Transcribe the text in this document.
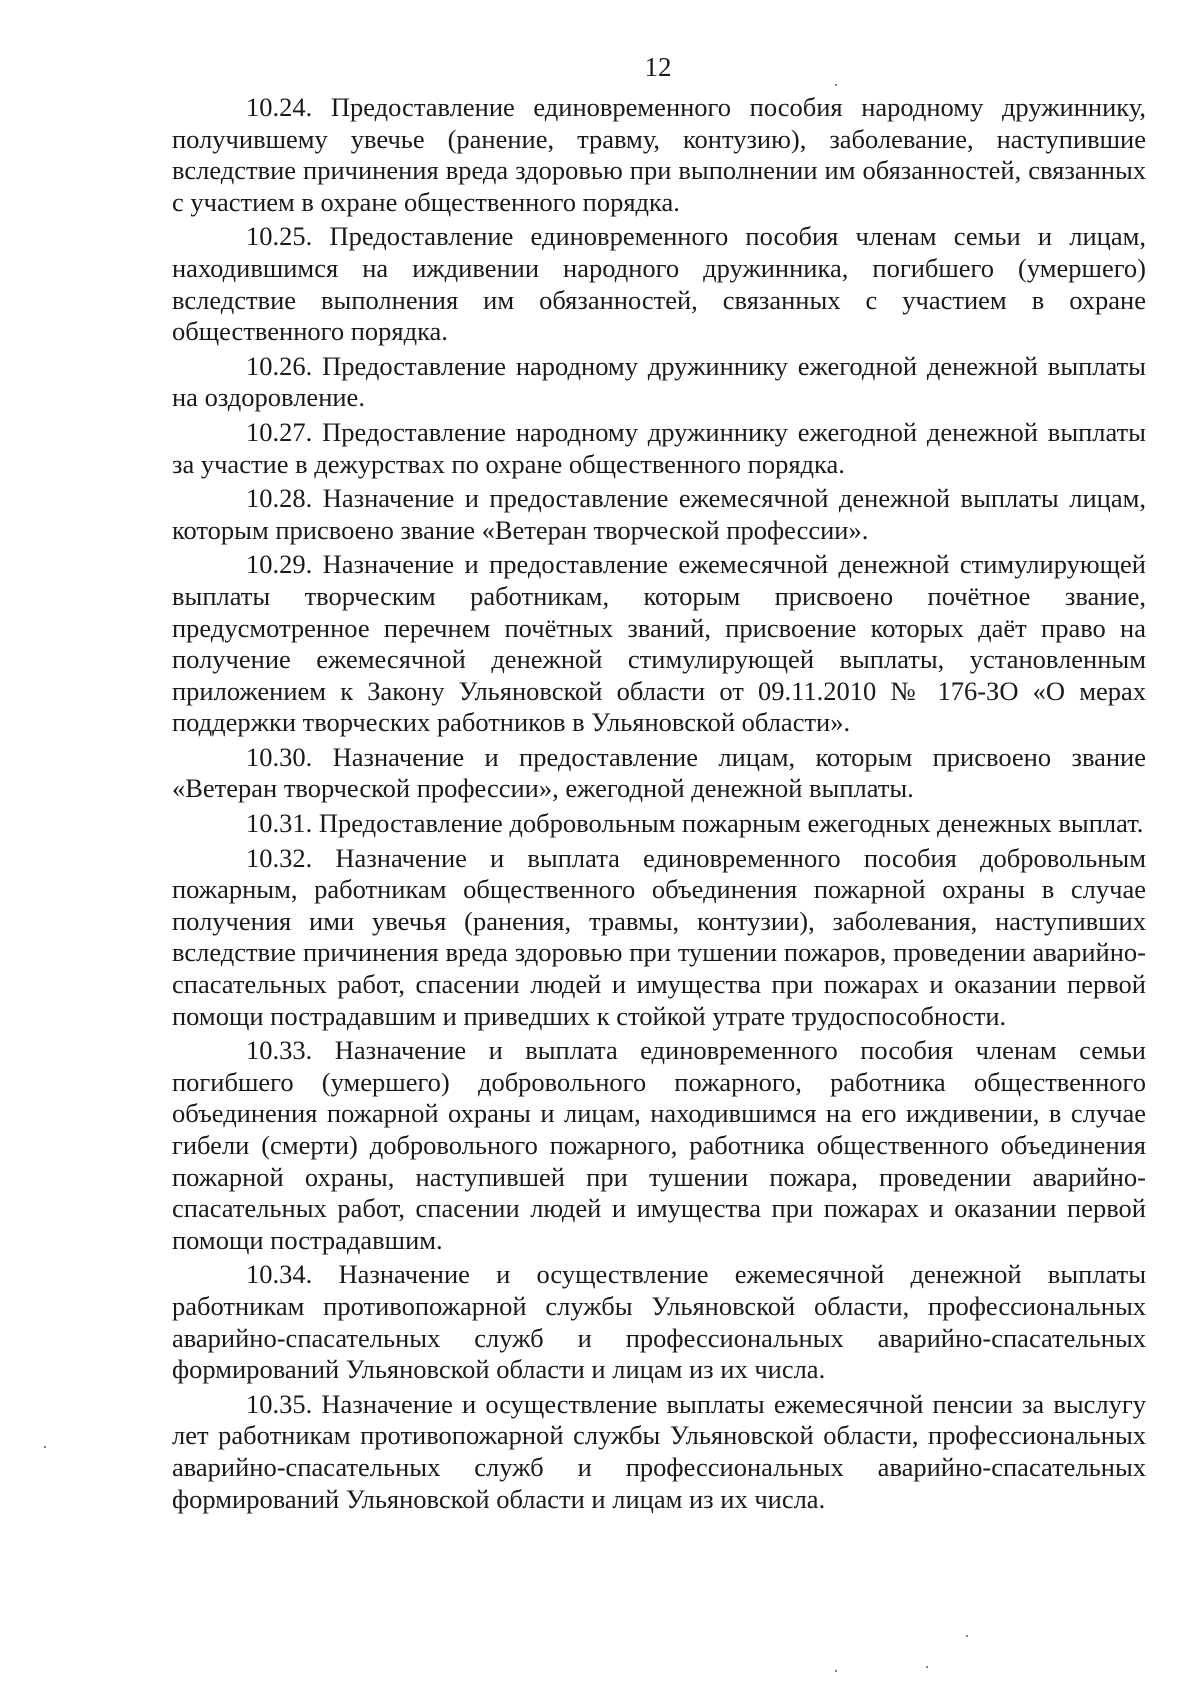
12

10.24. Предоставление единовременного пособия народному дружиннику, получившему увечье (ранение, травму, контузию), заболевание, наступившие вследствие причинения вреда здоровью при выполнении им обязанностей, связанных с участием в охране общественного порядка.

10.25. Предоставление единовременного пособия членам семьи и лицам, находившимся на иждивении народного дружинника, погибшего (умершего) вследствие выполнения им обязанностей, связанных с участием в охране общественного порядка.

10.26. Предоставление народному дружиннику ежегодной денежной выплаты на оздоровление.

10.27. Предоставление народному дружиннику ежегодной денежной выплаты за участие в дежурствах по охране общественного порядка.

10.28. Назначение и предоставление ежемесячной денежной выплаты лицам, которым присвоено звание «Ветеран творческой профессии».

10.29. Назначение и предоставление ежемесячной денежной стимулирующей выплаты творческим работникам, которым присвоено почётное звание, предусмотренное перечнем почётных званий, присвоение которых даёт право на получение ежемесячной денежной стимулирующей выплаты, установленным приложением к Закону Ульяновской области от 09.11.2010 № 176-ЗО «О мерах поддержки творческих работников в Ульяновской области».

10.30. Назначение и предоставление лицам, которым присвоено звание «Ветеран творческой профессии», ежегодной денежной выплаты.

10.31. Предоставление добровольным пожарным ежегодных денежных выплат.

10.32. Назначение и выплата единовременного пособия добровольным пожарным, работникам общественного объединения пожарной охраны в случае получения ими увечья (ранения, травмы, контузии), заболевания, наступивших вследствие причинения вреда здоровью при тушении пожаров, проведении аварийно-спасательных работ, спасении людей и имущества при пожарах и оказании первой помощи пострадавшим и приведших к стойкой утрате трудоспособности.

10.33. Назначение и выплата единовременного пособия членам семьи погибшего (умершего) добровольного пожарного, работника общественного объединения пожарной охраны и лицам, находившимся на его иждивении, в случае гибели (смерти) добровольного пожарного, работника общественного объединения пожарной охраны, наступившей при тушении пожара, проведении аварийно-спасательных работ, спасении людей и имущества при пожарах и оказании первой помощи пострадавшим.

10.34. Назначение и осуществление ежемесячной денежной выплаты работникам противопожарной службы Ульяновской области, профессиональных аварийно-спасательных служб и профессиональных аварийно-спасательных формирований Ульяновской области и лицам из их числа.

10.35. Назначение и осуществление выплаты ежемесячной пенсии за выслугу лет работникам противопожарной службы Ульяновской области, профессиональных аварийно-спасательных служб и профессиональных аварийно-спасательных формирований Ульяновской области и лицам из их числа.
